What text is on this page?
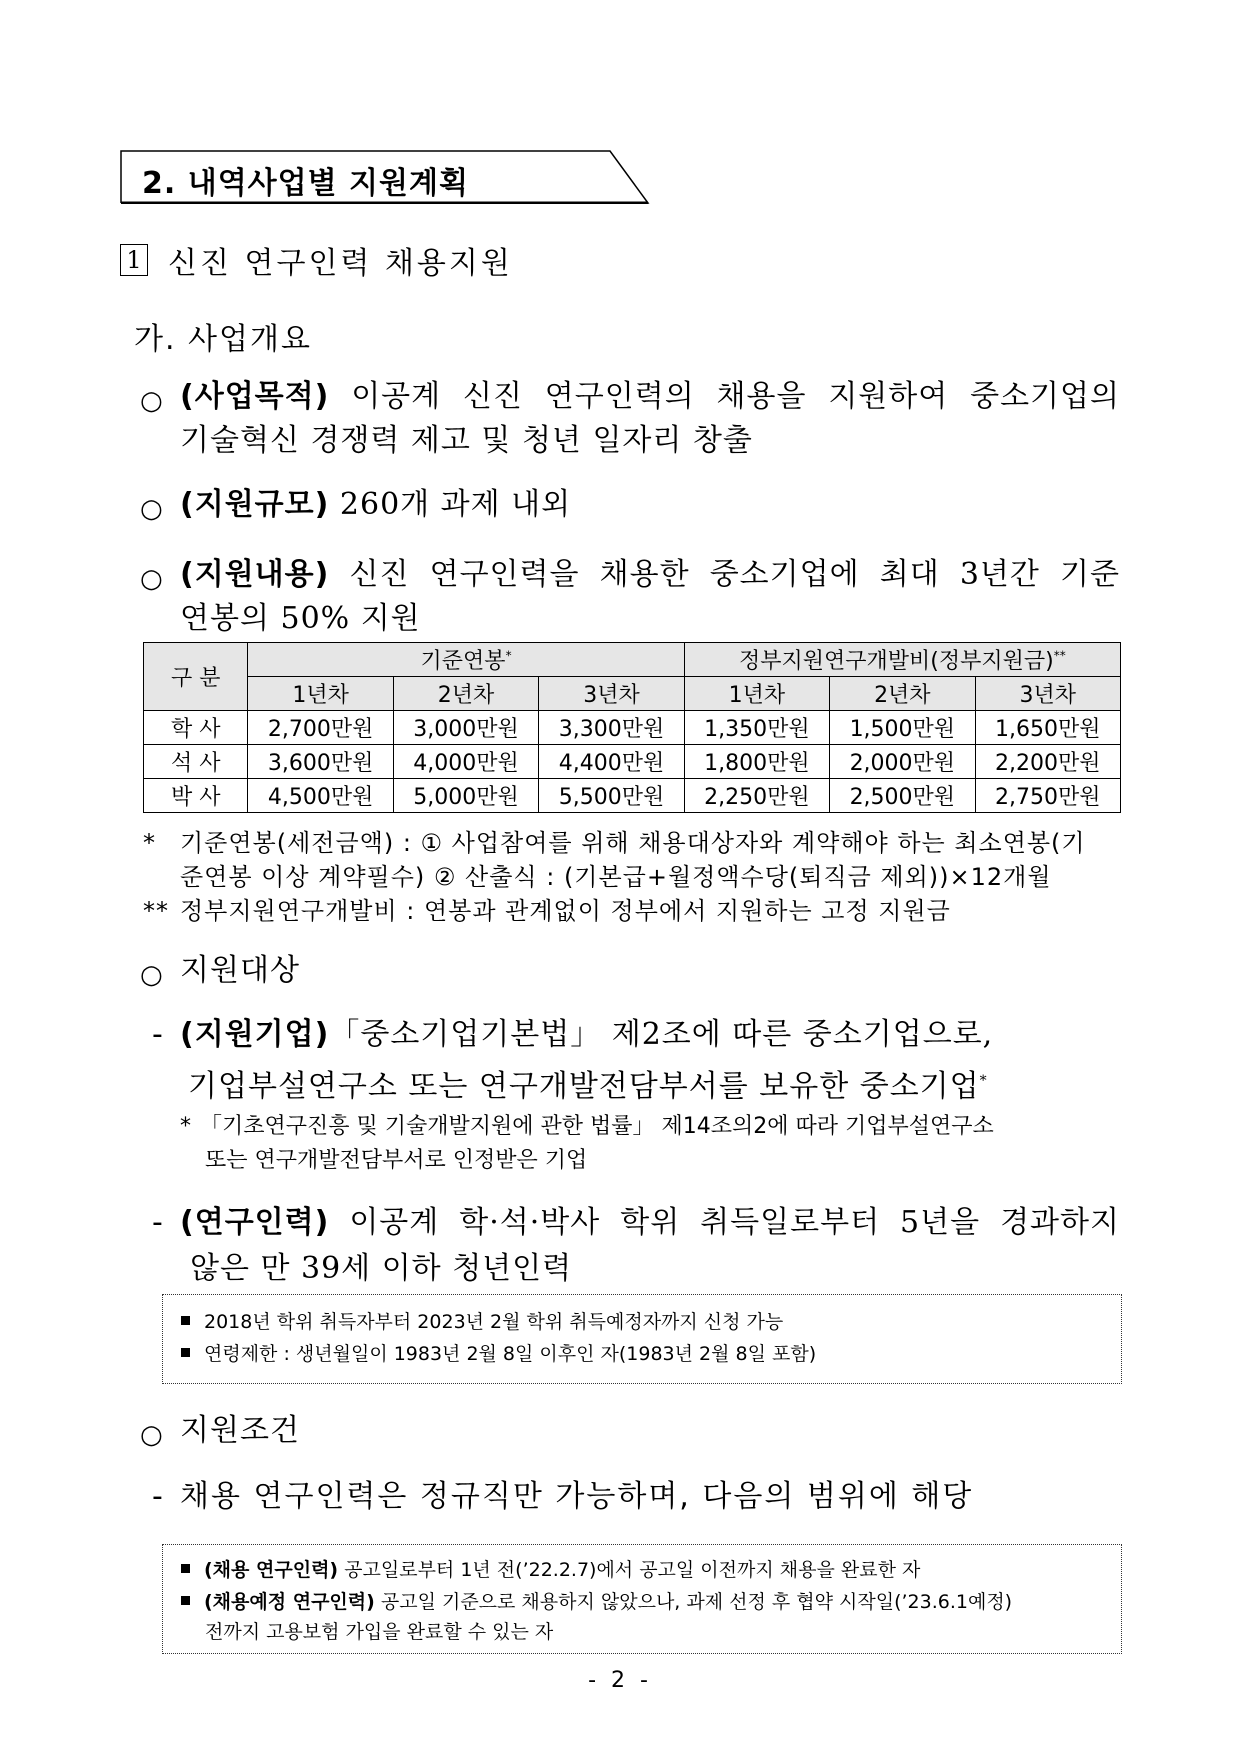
2. 내역사업별 지원계획
1 신진 연구인력 채용지원
가. 사업개요
○ (사업목적) 이공계 신진 연구인력의 채용을 지원하여 중소기업의
기술혁신 경쟁력 제고 및 청년 일자리 창출
○ (지원규모) 260개 과제 내외
○ (지원내용) 신진 연구인력을 채용한 중소기업에 최대 3년간 기준
연봉의 50% 지원
구 분	기준연봉*			정부지원연구개발비(정부지원금)**
	1년차	2년차	3년차	1년차	2년차	3년차
학 사	2,700만원	3,000만원	3,300만원	1,350만원	1,500만원	1,650만원
석 사	3,600만원	4,000만원	4,400만원	1,800만원	2,000만원	2,200만원
박 사	4,500만원	5,000만원	5,500만원	2,250만원	2,500만원	2,750만원
* 기준연봉(세전금액) : ① 사업참여를 위해 채용대상자와 계약해야 하는 최소연봉(기
준연봉 이상 계약필수) ② 산출식 : (기본급+월정액수당(퇴직금 제외))×12개월
** 정부지원연구개발비 : 연봉과 관계없이 정부에서 지원하는 고정 지원금
○ 지원대상
- (지원기업)「중소기업기본법」 제2조에 따른 중소기업으로,
기업부설연구소 또는 연구개발전담부서를 보유한 중소기업*
* 「기초연구진흥 및 기술개발지원에 관한 법률」 제14조의2에 따라 기업부설연구소
또는 연구개발전담부서로 인정받은 기업
- (연구인력) 이공계 학·석·박사 학위 취득일로부터 5년을 경과하지
않은 만 39세 이하 청년인력
2018년 학위 취득자부터 2023년 2월 학위 취득예정자까지 신청 가능
연령제한 : 생년월일이 1983년 2월 8일 이후인 자(1983년 2월 8일 포함)
○ 지원조건
- 채용 연구인력은 정규직만 가능하며, 다음의 범위에 해당
(채용 연구인력) 공고일로부터 1년 전(’22.2.7)에서 공고일 이전까지 채용을 완료한 자
(채용예정 연구인력) 공고일 기준으로 채용하지 않았으나, 과제 선정 후 협약 시작일(’23.6.1예정)
전까지 고용보험 가입을 완료할 수 있는 자
- 2 -
